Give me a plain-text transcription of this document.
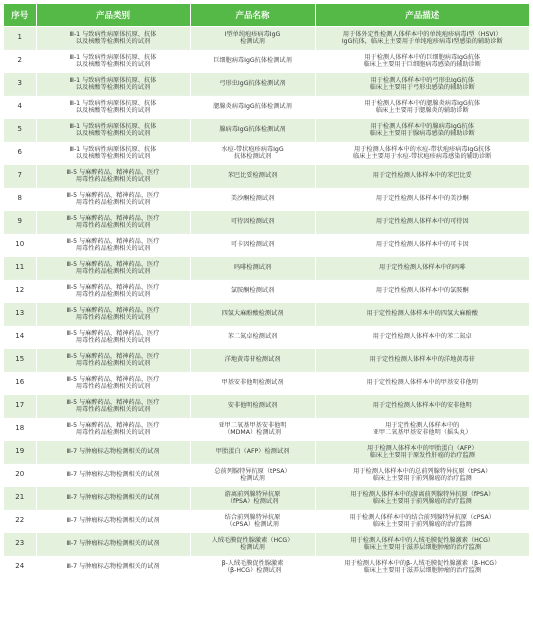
序号	产品类别	产品名称	产品描述
1	Ⅲ-1 与致病性病原体抗原、抗体
以及核酸等检测相关的试剂	Ⅰ型单纯疱疹病毒IgG
检测试剂	用于体外定性检测人体样本中的单纯疱疹病毒Ⅰ型（HSVⅠ）
IgG抗体，临床上主要用于单纯疱疹病毒Ⅰ型感染的辅助诊断
2	Ⅲ-1 与致病性病原体抗原、抗体
以及核酸等检测相关的试剂	巨细胞病毒IgG抗体检测试剂	用于检测人体样本中的巨细胞病毒IgG抗体
临床上主要用于巨细胞病毒感染的辅助诊断
3	Ⅲ-1 与致病性病原体抗原、抗体
以及核酸等检测相关的试剂	弓形虫IgG抗体检测试剂	用于检测人体样本中的弓形虫IgG抗体
临床上主要用于弓形虫感染的辅助诊断
4	Ⅲ-1 与致病性病原体抗原、抗体
以及核酸等检测相关的试剂	腮腺炎病毒IgG抗体检测试剂	用于检测人体样本中的腮腺炎病毒IgG抗体
临床上主要用于腮腺炎的辅助诊断
5	Ⅲ-1 与致病性病原体抗原、抗体
以及核酸等检测相关的试剂	腺病毒IgG抗体检测试剂	用于检测人体样本中的腺病毒IgG抗体
临床上主要用于腺病毒感染的辅助诊断
6	Ⅲ-1 与致病性病原体抗原、抗体
以及核酸等检测相关的试剂	水痘-带状疱疹病毒IgG
抗体检测试剂	用于检测人体样本中的水痘-带状疱疹病毒IgG抗体
临床上主要用于水痘-带状疱疹病毒感染的辅助诊断
7	Ⅲ-5 与麻醉药品、精神药品、医疗
用毒性药品检测相关的试剂	苯巴比妥检测试剂	用于定性检测人体样本中的苯巴比妥
8	Ⅲ-5 与麻醉药品、精神药品、医疗
用毒性药品检测相关的试剂	美沙酮检测试剂	用于定性检测人体样本中的美沙酮
9	Ⅲ-5 与麻醉药品、精神药品、医疗
用毒性药品检测相关的试剂	可待因检测试剂	用于定性检测人体样本中的可待因
10	Ⅲ-5 与麻醉药品、精神药品、医疗
用毒性药品检测相关的试剂	可卡因检测试剂	用于定性检测人体样本中的可卡因
11	Ⅲ-5 与麻醉药品、精神药品、医疗
用毒性药品检测相关的试剂	吗啡检测试剂	用于定性检测人体样本中的吗啡
12	Ⅲ-5 与麻醉药品、精神药品、医疗
用毒性药品检测相关的试剂	氯胺酮检测试剂	用于定性检测人体样本中的氯胺酮
13	Ⅲ-5 与麻醉药品、精神药品、医疗
用毒性药品检测相关的试剂	四氢大麻酚酸检测试剂	用于定性检测人体样本中的四氢大麻酚酸
14	Ⅲ-5 与麻醉药品、精神药品、医疗
用毒性药品检测相关的试剂	苯二氮卓检测试剂	用于定性检测人体样本中的苯二氮卓
15	Ⅲ-5 与麻醉药品、精神药品、医疗
用毒性药品检测相关的试剂	洋地黄毒苷检测试剂	用于定性检测人体样本中的洋地黄毒苷
16	Ⅲ-5 与麻醉药品、精神药品、医疗
用毒性药品检测相关的试剂	甲基安非他明检测试剂	用于定性检测人体样本中的甲基安非他明
17	Ⅲ-5 与麻醉药品、精神药品、医疗
用毒性药品检测相关的试剂	安非他明检测试剂	用于定性检测人体样本中的安非他明
18	Ⅲ-5 与麻醉药品、精神药品、医疗
用毒性药品检测相关的试剂	亚甲二氧基甲基安非他明
（MDMA）检测试剂	用于定性检测人体样本中的
亚甲二氧基甲基安非他明（摇头丸）
19	Ⅲ-7 与肿瘤标志物检测相关的试剂	甲胎蛋白（AFP）检测试剂	用于检测人体样本中的甲胎蛋白（AFP）
临床上主要用于原发性肝癌的治疗监测
20	Ⅲ-7 与肿瘤标志物检测相关的试剂	总前列腺特异抗原（tPSA）
检测试剂	用于检测人体样本中的总前列腺特异抗原（tPSA）
临床上主要用于前列腺癌的治疗监测
21	Ⅲ-7 与肿瘤标志物检测相关的试剂	游离前列腺特异抗原
（fPSA）检测试剂	用于检测人体样本中的游离前列腺特异抗原（fPSA）
临床上主要用于前列腺癌的治疗监测
22	Ⅲ-7 与肿瘤标志物检测相关的试剂	结合前列腺特异抗原
（cPSA）检测试剂	用于检测人体样本中的结合前列腺特异抗原（cPSA）
临床上主要用于前列腺癌的治疗监测
23	Ⅲ-7 与肿瘤标志物检测相关的试剂	人绒毛膜促性腺激素（HCG）
检测试剂	用于检测人体样本中的人绒毛膜促性腺激素（HCG）
临床上主要用于滋养层细胞肿瘤的治疗监测
24	Ⅲ-7 与肿瘤标志物检测相关的试剂	β-人绒毛膜促性腺激素
（β-HCG）检测试剂	用于检测人体样本中的β-人绒毛膜促性腺激素（β-HCG）
临床上主要用于滋养层细胞肿瘤的治疗监测
